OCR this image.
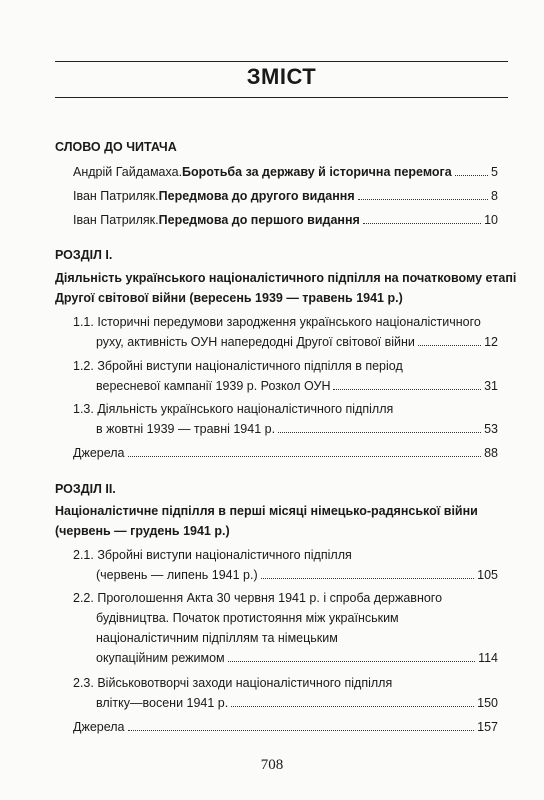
ЗМІСТ
СЛОВО ДО ЧИТАЧА
Андрій Гайдамаха. Боротьба за державу й історична перемога	5
Іван Патриляк. Передмова до другого видання	8
Іван Патриляк. Передмова до першого видання	10
РОЗДІЛ I.
Діяльність українського націоналістичного підпілля на початковому етапі
Другої світової війни (вересень 1939 — травень 1941 р.)
1.1. Історичні передумови зародження українського націоналістичного
руху, активність ОУН напередодні Другої світової війни	12
1.2. Збройні виступи націоналістичного підпілля в період
вересневої кампанії 1939 р. Розкол ОУН	31
1.3. Діяльність українського націоналістичного підпілля
в жовтні 1939 — травні 1941 р.	53
Джерела	88
РОЗДІЛ II.
Націоналістичне підпілля в перші місяці німецько-радянської війни
(червень — грудень 1941 р.)
2.1. Збройні виступи націоналістичного підпілля
(червень — липень 1941 р.)	105
2.2. Проголошення Акта 30 червня 1941 р. і спроба державного
будівництва. Початок протистояння між українським
націоналістичним підпіллям та німецьким
окупаційним режимом	114
2.3. Військовотворчі заходи націоналістичного підпілля
влітку—восени 1941 р.	150
Джерела	157
708
